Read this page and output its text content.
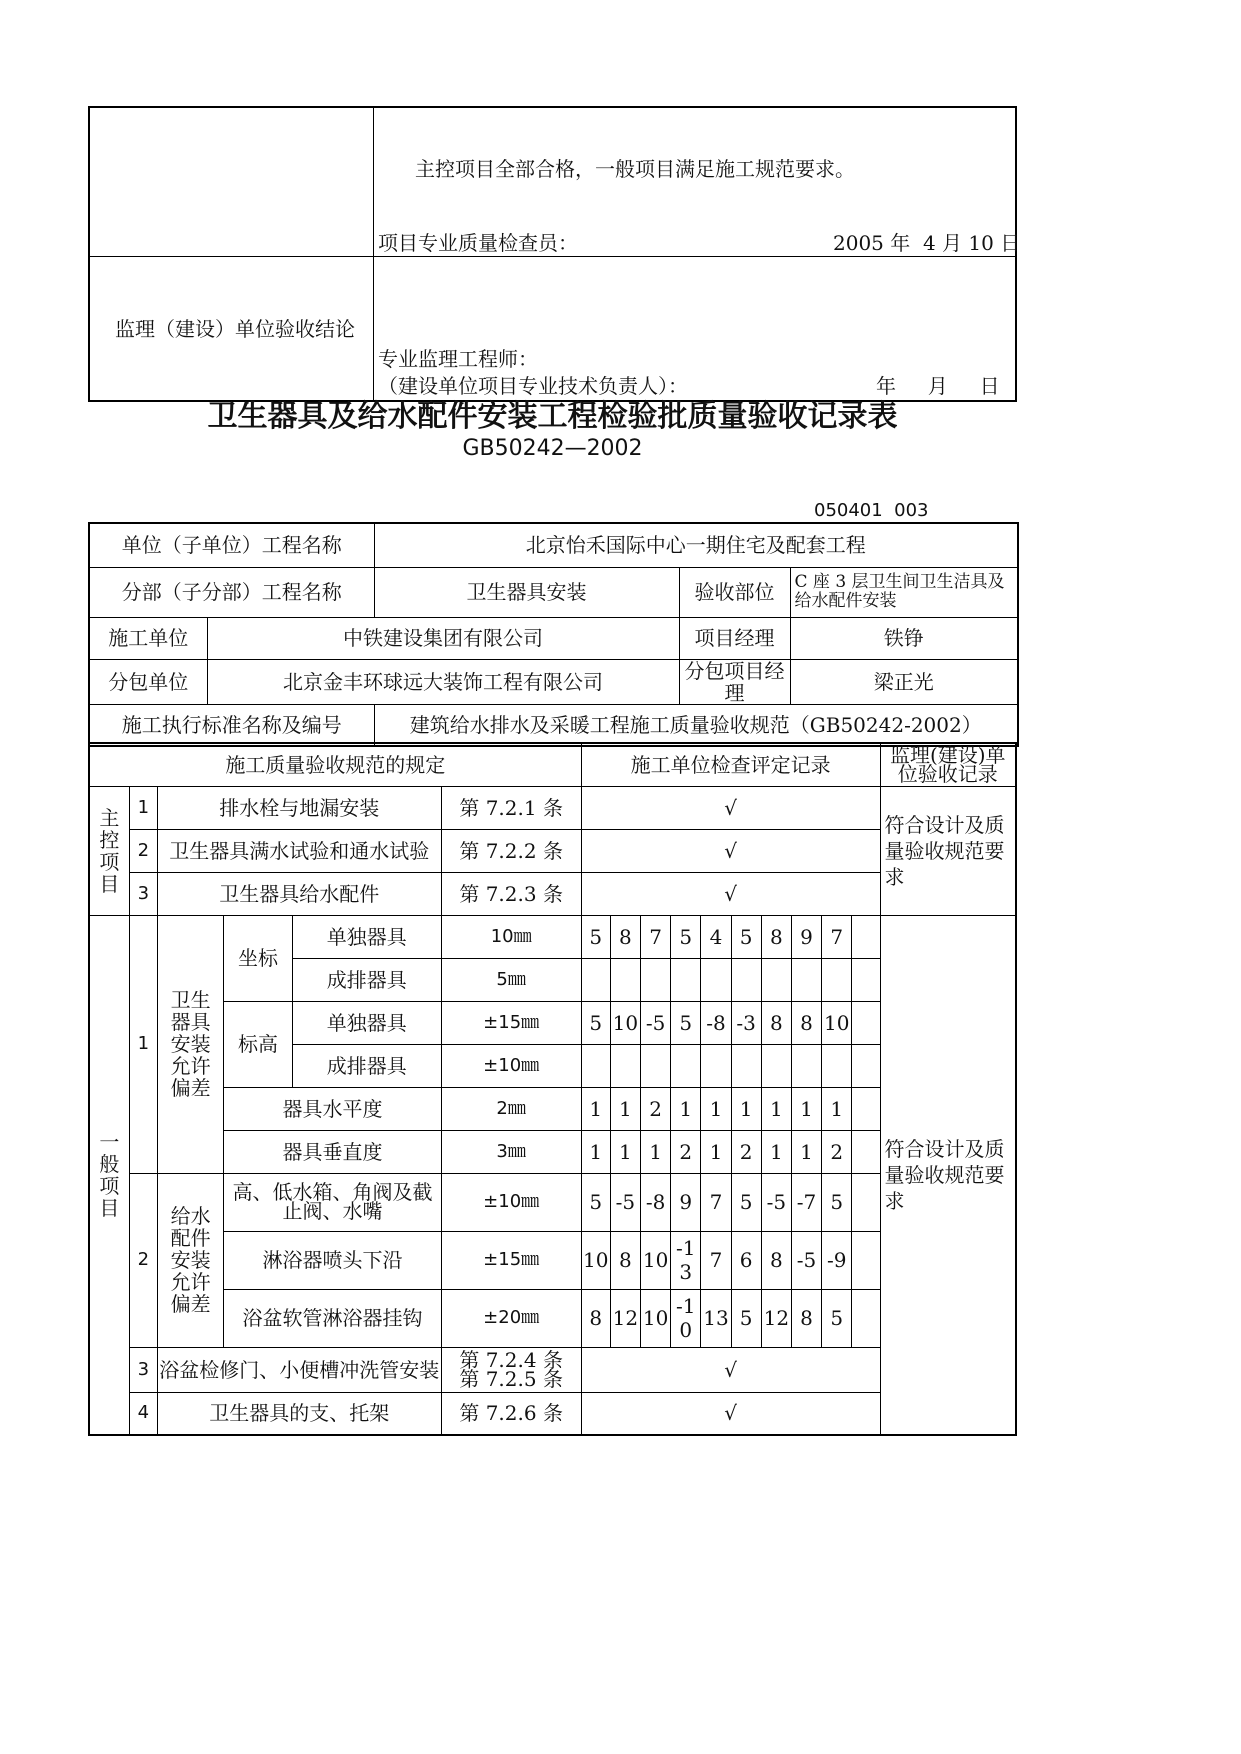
主控项目全部合格，一般项目满足施工规范要求。
项目专业质量检查员：	2005 年  4 月 10 日
监理（建设）单位验收结论
专业监理工程师：
（建设单位项目专业技术负责人）：	年     月     日
卫生器具及给水配件安装工程检验批质量验收记录表
GB50242—2002
050401  003
单位（子单位）工程名称		北京怡禾国际中心一期住宅及配套工程		
分部（子分部）工程名称		卫生器具安装	验收部位	C 座 3 层卫生间卫生洁具及给水配件安装
施工单位	中铁建设集团有限公司		项目经理	铁铮
分包单位	北京金丰环球远大装饰工程有限公司		分包项目经理	梁正光
施工执行标准名称及编号		建筑给水排水及采暖工程施工质量验收规范（GB50242-2002）		
施工质量验收规范的规定						施工单位检查评定记录										监理(建设)单位验收记录
主控项目	1	排水栓与地漏安装			第 7.2.1 条	√										符合设计及质量验收规范要求
	2	卫生器具满水试验和通水试验			第 7.2.2 条	√										
	3	卫生器具给水配件			第 7.2.3 条	√										
一般项目	1	卫生器具安装允许偏差	坐标	单独器具	10㎜	5	8	7	5	4	5	8	9	7		符合设计及质量验收规范要求
				成排器具	5㎜											
			标高	单独器具	±15㎜	5	10	-5	5	-8	-3	8	8	10		
				成排器具	±10㎜											
			器具水平度		2㎜	1	1	2	1	1	1	1	1	1		
			器具垂直度		3㎜	1	1	1	2	1	2	1	1	2		
	2	给水配件安装允许偏差	高、低水箱、角阀及截止阀、水嘴		±10㎜	5	-5	-8	9	7	5	-5	-7	5		
			淋浴器喷头下沿		±15㎜	10	8	10	-13	7	6	8	-5	-9		
			浴盆软管淋浴器挂钩		±20㎜	8	12	10	-10	13	5	12	8	5		
	3	浴盆检修门、小便槽冲洗管安装			第 7.2.4 条
第 7.2.5 条	√										
	4	卫生器具的支、托架			第 7.2.6 条	√										
